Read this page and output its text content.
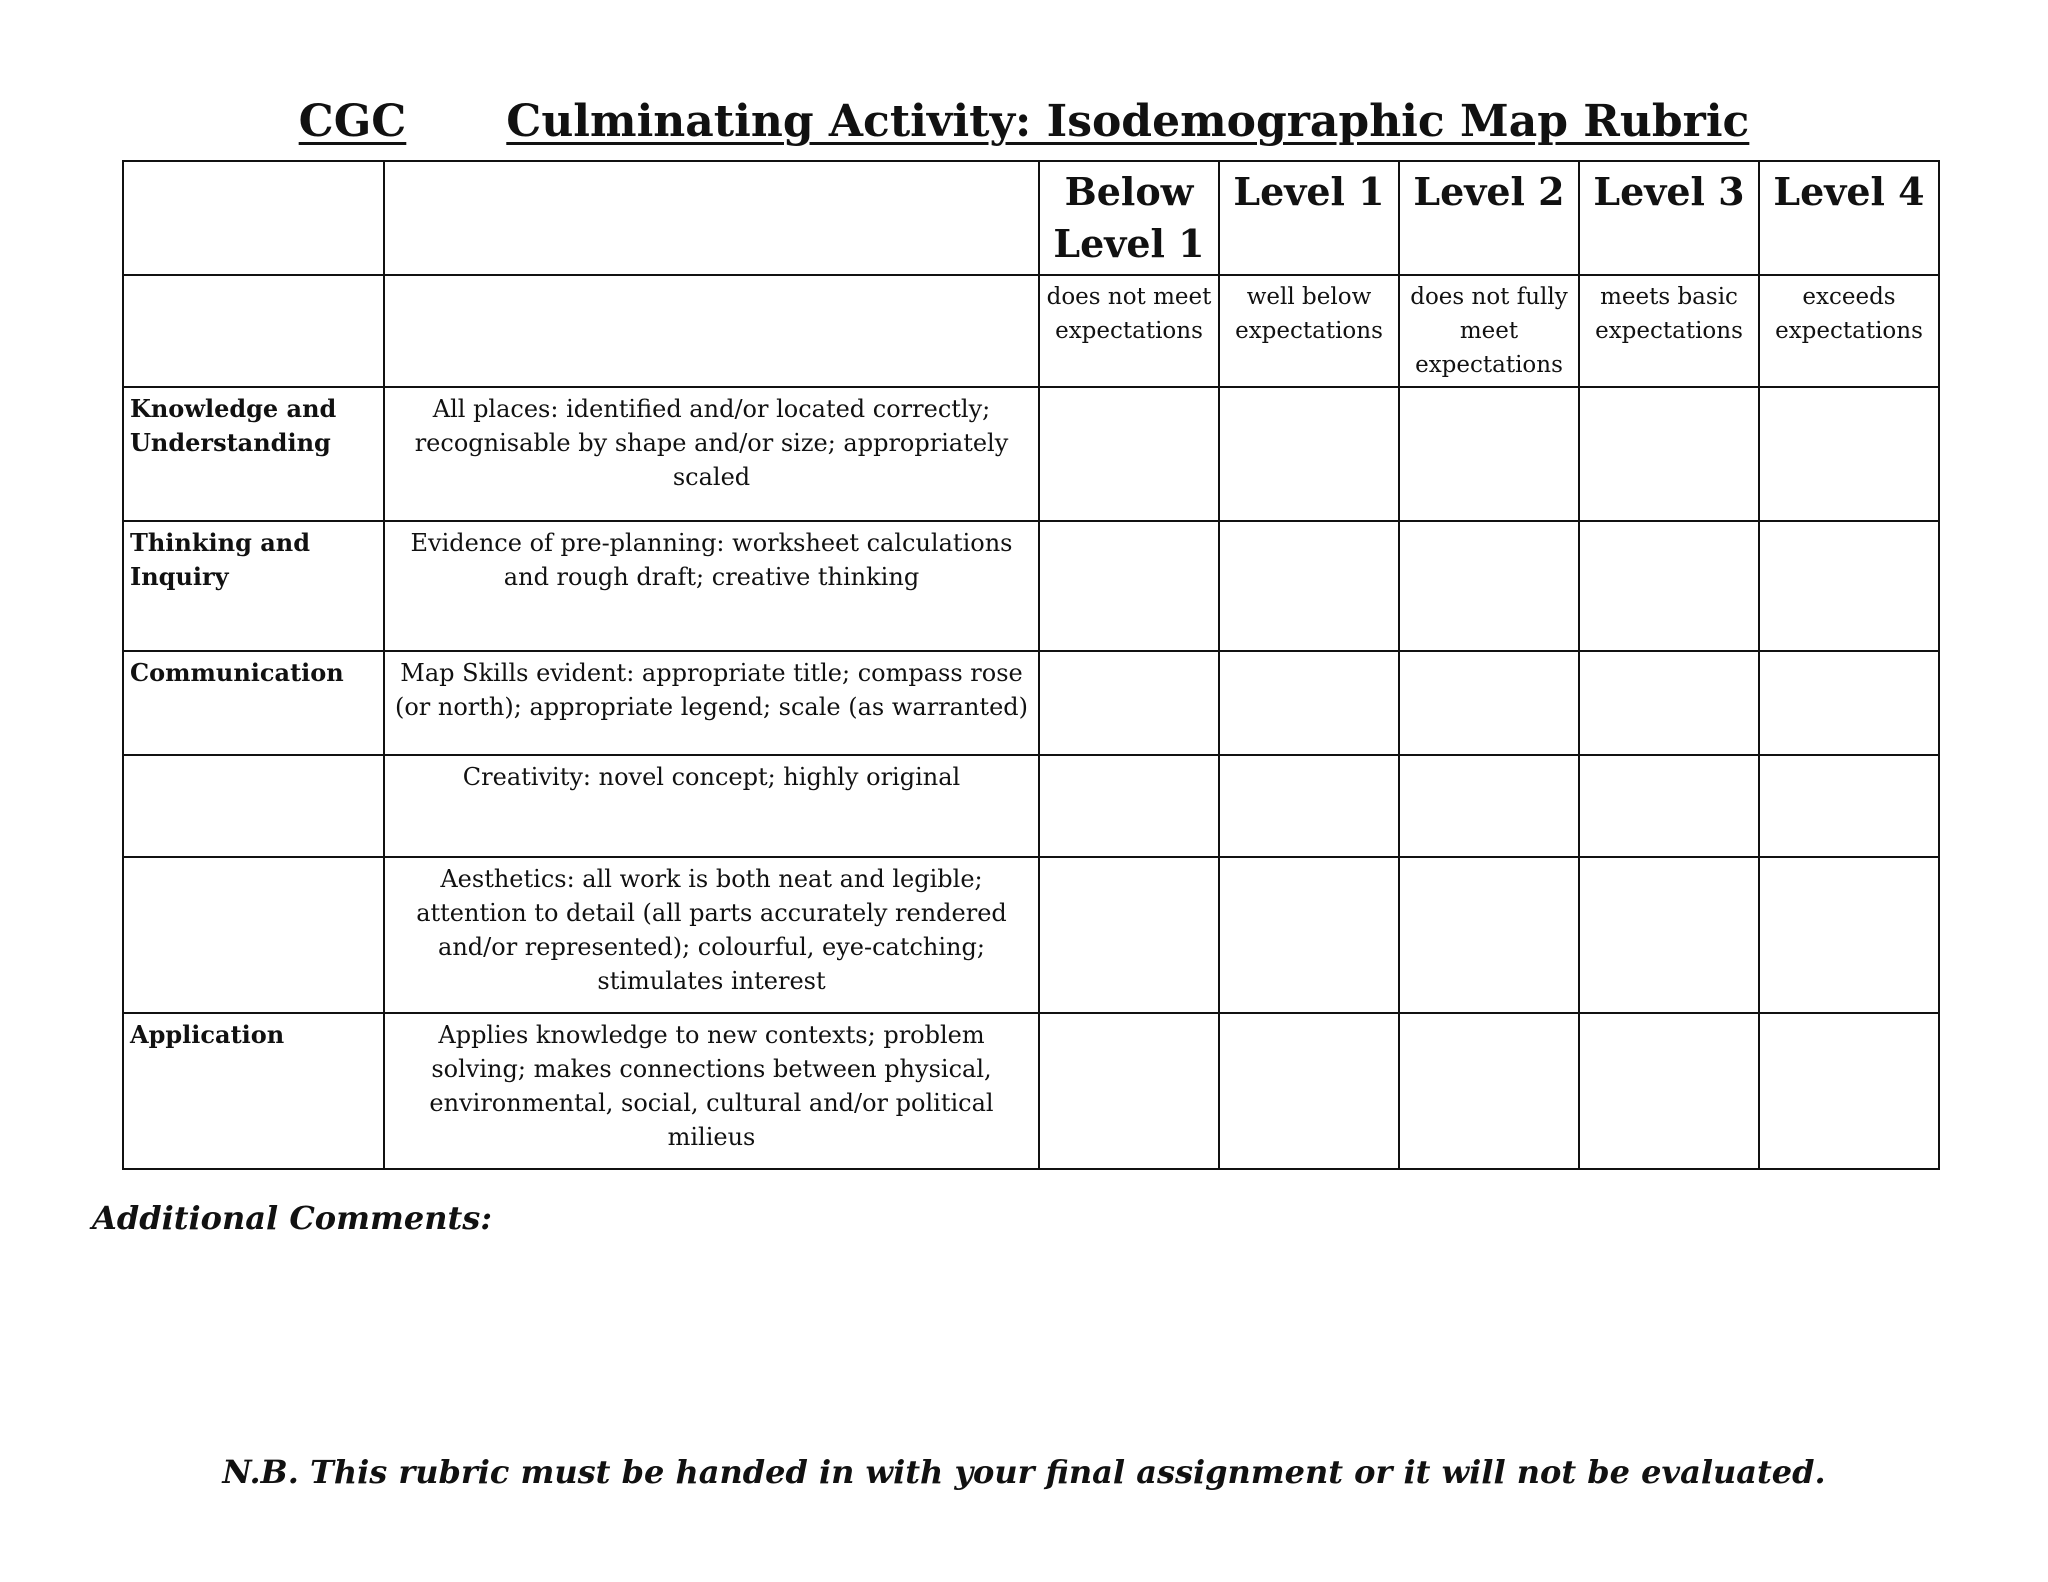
CGC Culminating Activity: Isodemographic Map Rubric
		Below Level 1	Level 1	Level 2	Level 3	Level 4
		does not meet expectations	well below expectations	does not fully meet expectations	meets basic expectations	exceeds expectations
Knowledge and Understanding	All places: identified and/or located correctly; recognisable by shape and/or size; appropriately scaled					
Thinking and Inquiry	Evidence of pre-planning: worksheet calculations and rough draft; creative thinking					
Communication	Map Skills evident: appropriate title; compass rose (or north); appropriate legend; scale (as warranted)					
	Creativity: novel concept; highly original					
	Aesthetics: all work is both neat and legible; attention to detail (all parts accurately rendered and/or represented); colourful, eye-catching; stimulates interest					
Application	Applies knowledge to new contexts; problem solving; makes connections between physical, environmental, social, cultural and/or political milieus					
Additional Comments:
N.B. This rubric must be handed in with your final assignment or it will not be evaluated.
